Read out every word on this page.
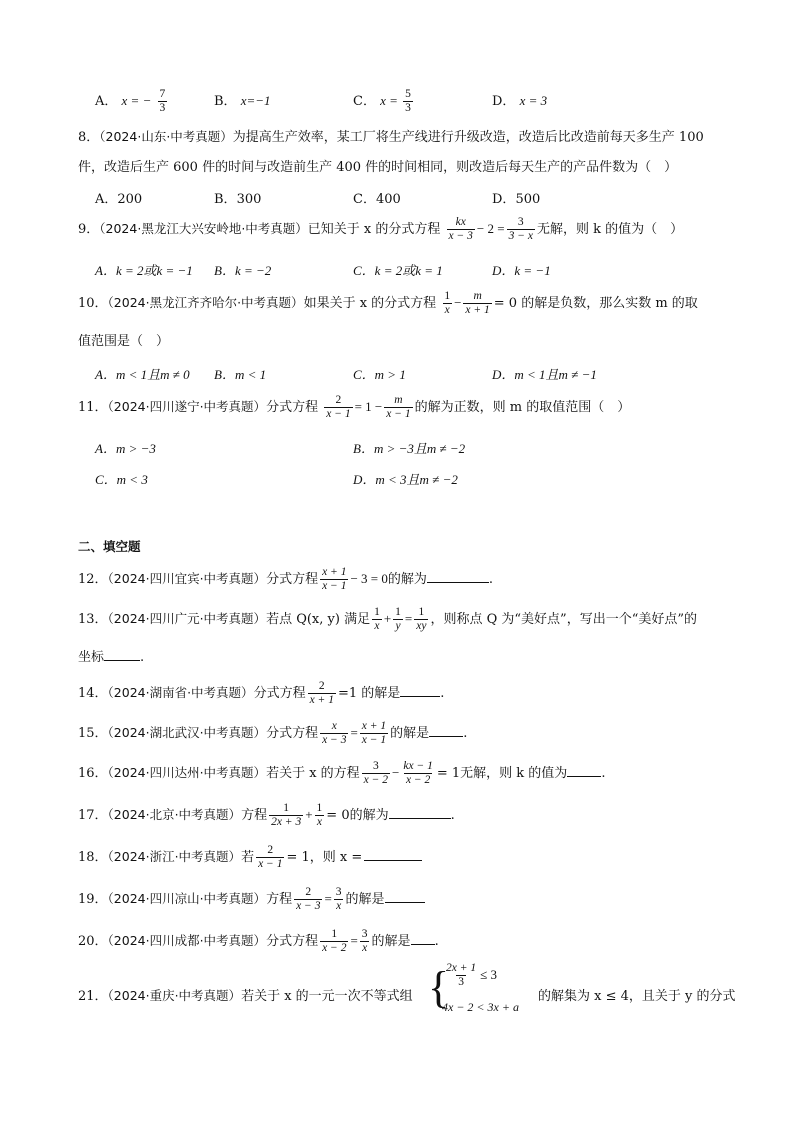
A． x = − $\frac{7}{3}$	B． x=−1	C． $x = \frac{5}{3}$	D． x = 3
8．（2024·山东·中考真题）为提高生产效率，某工厂将生产线进行升级改造，改造后比改造前每天多生产 100
件，改造后生产 600 件的时间与改造前生产 400 件的时间相同，则改造后每天生产的产品件数为（　）
A．200	B．300	C．400	D．500
9．（2024·黑龙江大兴安岭地·中考真题）已知关于 x 的分式方程 $\frac{kx}{x - 3} - 2 = \frac{3}{3 - x}$ 无解，则 k 的值为（　）
A．k = 2或k = −1 B．k = −2	C．k = 2或k = 1	D．k = −1
10．（2024·黑龙江齐齐哈尔·中考真题）如果关于 x 的分式方程 $\frac{1}{x} - \frac{m}{x + 1} = 0$ 的解是负数，那么实数 m 的取
值范围是（　）
A．m < 1且m ≠ 0 B．m < 1	C．m > 1	D．m < 1且m ≠ −1
11．（2024·四川遂宁·中考真题）分式方程 $\frac{2}{x - 1} = 1 - \frac{m}{x - 1}$ 的解为正数，则 m 的取值范围（　）
A．m > −3	B．m > −3且m ≠ −2
C．m < 3	D．m < 3且m ≠ −2
二、填空题
12．（2024·四川宜宾·中考真题）分式方程 $\frac{x + 1}{x - 1} - 3 = 0$的解为	.
13．（2024·四川广元·中考真题）若点 Q(x, y) 满足 $\frac{1}{x} + \frac{1}{y} = \frac{1}{xy}$ ，则称点 Q 为“美好点”，写出一个“美好点”的
坐标	.
14．（2024·湖南省·中考真题）分式方程 $\frac{2}{x + 1} =1$ 的解是	.
15．（2024·湖北武汉·中考真题）分式方程 $\frac{x}{x - 3} = \frac{x + 1}{x - 1}$ 的解是	.
16．（2024·四川达州·中考真题）若关于 x 的方程 $\frac{3}{x - 2} - \frac{kx - 1}{x - 2} = 1$无解，则 k 的值为	.
17．（2024·北京·中考真题）方程 $\frac{1}{2x + 3} + \frac{1}{x} = 0$的解为	.
18．（2024·浙江·中考真题）若 $\frac{2}{x - 1} = 1$，则 x =
19．（2024·四川凉山·中考真题）方程 $\frac{2}{x - 3} = \frac{3}{x}$ 的解是
20．（2024·四川成都·中考真题）分式方程 $\frac{1}{x - 2} = \frac{3}{x}$ 的解是 .
21．（2024·重庆·中考真题）若关于 x 的一元一次不等式组 {
$\frac{2x + 1}{3} \le 3$
4x − 2 < 3x + a
的解集为 x ≤ 4，且关于 y 的分式
